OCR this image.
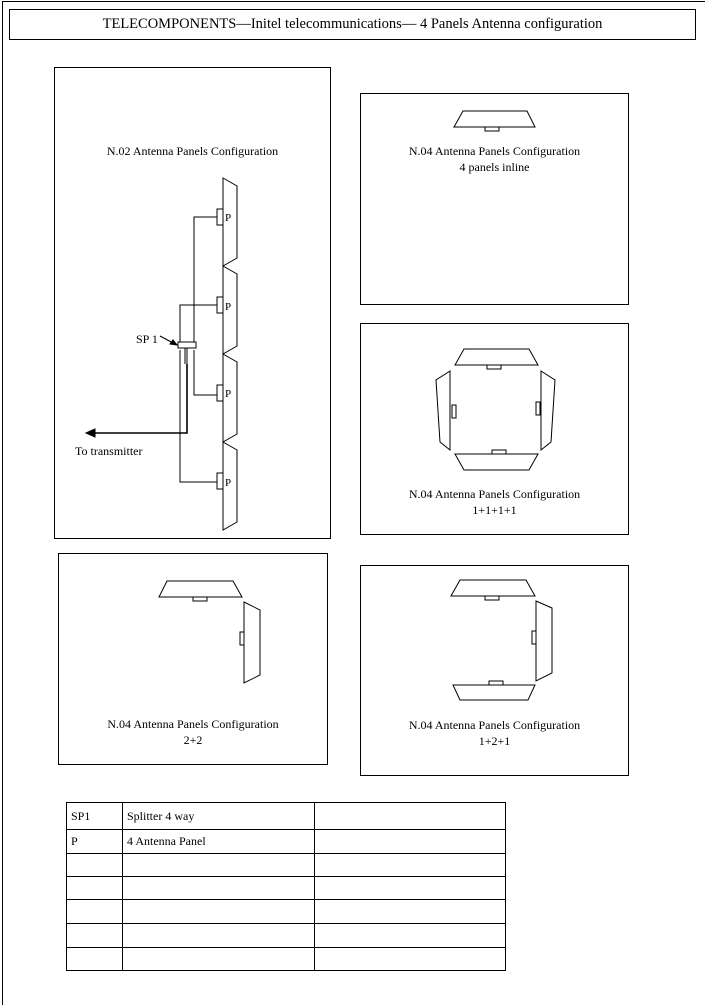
TELECOMPONENTS—Initel telecommunications— 4 Panels Antenna configuration
N.02 Antenna Panels Configuration
P
P
P
P
SP 1
To transmitter
N.04 Antenna Panels Configuration
4 panels inline
N.04 Antenna Panels Configuration
1+1+1+1
N.04 Antenna Panels Configuration
2+2
N.04 Antenna Panels Configuration
1+2+1
SP1	Splitter 4 way	
P	4 Antenna Panel	
